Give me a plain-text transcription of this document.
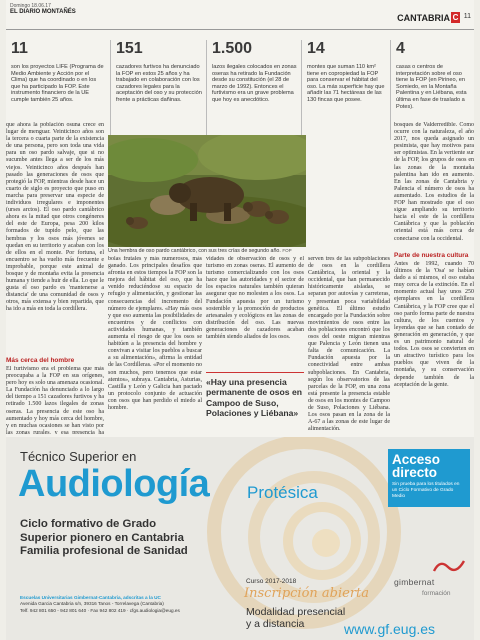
Domingo 18.06.17
EL DIARIO MONTAÑÉS
CANTABRIA C 11
11
son los proyectos LIFE (Programa de Medio Ambiente y Acción por el Clima) que ha coordinado o en los que ha participado la FOP. Este instrumento financiero de la UE cumple también 25 años.
151
cazadores furtivos ha denunciado la FOP en estos 25 años y ha trabajado en colaboración con los cazadores legales para la aceptación del oso y su protección frente a prácticas dañinas.
1.500
lazos ilegales colocados en zonas oseras ha retirado la Fundación desde su constitución (el 28 de marzo de 1992). Entonces el furtivismo era un grave problema que hoy es anecdótico.
14
montes que suman 110 km² tiene en copropiedad la FOP para conservar el hábitat del oso. La más superficie hay que añadir las 71 hectáreas de las 130 fincas que posee.
4
casas o centros de interpretación sobre el oso tiene la FOP (en Pirineo, en Somiedo, en la Montaña Palentina y en Liébana, esta última en fase de traslado a Potes).
que ahora la población osuna crece en lugar de menguar. Veinticinco años son la tercera o cuarta parte de la existencia de una persona, pero son toda una vida para un oso pardo salvaje, que si no sucumbe antes llega a ser de los más viejos. Veinticinco años después han pasado las generaciones de osos que protegió la FOP, mientras desde hace un cuarto de siglo es proyecto que puso en marcha para preservar una especie de individuos irregulares e imponentes (urses arctos). El oso pardo cantábrico ahora es la mitad que otros congéneres del este de Europa, pesa 200 kilos formados de tupido pelo, que las hembras y los osos más jóvenes se quedan en su territorio y acaban con los de ellos en el monte. Por fortuna, el encuentro se ha vuelto más frecuente e improbable, porque este animal de bosque y de montaña evita la presencia humana y tiende a huir de ella. Lo que le gusta el oso pardo es 'mantenerse a distancia' de una comunidad de osos y otros, más extensa y bien repartida, que ha ido a más en toda la cordillera.
Más cerca del hombre
El furtivismo era el problema que más preocupaba a la FOP en sus orígenes, pero hoy es solo una amenaza ocasional. La Fundación ha denunciado a lo largo del tiempo a 151 cazadores furtivos y ha retirado 1.500 lazos ilegales de zonas oseras. La presencia de este oso ha aumentado y hoy más cerca del hombre, y en muchas ocasiones se han visto por las zonas rurales, y esa presencia ha
Una hembra de oso pardo cantábrico, con sus tres crías de segundo año. FOP
bolas frutales y más numerosos, más ganado. Los principales desafíos que afronta en estos tiempos la FOP son la mejora del hábitat del oso, que ha venido reduciéndose su espacio de refugio y alimentación, y gestionar las consecuencias del incremento del número de ejemplares. «Hay más osos y que eso aumenta las posibilidades de encuentros y de conflictos con actividades humanas, y también aumenta el riesgo de que los osos se habitúen a la presencia del hombre y convivan a visitar los pueblos a buscar a su alimentación», afirma la entidad de las Cordilleras. «Por el momento no son muchos, pero tenemos que estar atentos», subraya. Cantabria, Asturias, Castilla y León y Galicia han pactado un protocolo conjunto de actuación con osos que han perdido el miedo al hombre.
vidades de observación de osos y el turismo en zonas oseras. El aumento de turismo comercializando con los osos hace que las autoridades y el sector de los espacios naturales también quieran asegurar que no molesten a los osos. La Fundación apuesta por un turismo sostenible y la promoción de productos artesanales y ecológicos en las zonas de distribución del oso. Las nuevas generaciones de cazadores acaban también siendo aliados de los osos.
«Hay una presencia permanente de osos en Campoo de Suso, Polaciones y Liébana»
serven tres de las subpoblaciones de osos en la cordillera Cantábrica, la oriental y la occidental, que han permanecido históricamente aisladas, se separan por autovías y carreteras, y presentan poca variabilidad genética. El último estudio encargado por la Fundación sobre movimientos de osos entre las dos poblaciones encontró que los osos del oeste migran mientras que Palencia y León tienen una falta de comunicación. La Fundación apuesta por la conectividad entre ambas subpoblaciones. En Cantabria, según los observatorios de las parcelas de la FOP, en una zona está presente la presencia estable de osos en los montes de Campoo de Suso, Polaciones y Liébana. Los osos pasan en la zona de la A-67 a las zonas de este lugar de alimentación.
bosques de Valderredible. Como ocurre con la naturaleza, el año 2017, nos queda asignado un pesimista, que hay motivos para ser optimistas. En la vertiente sur de la FOP, los grupos de osos en las zonas de la montaña palentina han ido en aumento. En las zonas de Cantabria y Palencia el número de osos ha aumentado. Los estudios de la FOP han mostrado que el oso sigue ampliando su territorio hacia el este de la cordillera Cantábrica y que la población oriental está más cerca de conectarse con la occidental.
Parte de nuestra cultura
Antes de 1992, cuando 70 últimos de la 'Osa' se habían dado a sí mismos, el oso estaba muy cerca de la extinción. En el momento actual hay unos 250 ejemplares en la cordillera Cantábrica, y la FOP cree que el oso pardo forma parte de nuestra cultura, de los cuentos y leyendas que se han contado de generación en generación, y que es un patrimonio natural de todos. Los osos se convierten en un atractivo turístico para los pueblos que viven de la montaña, y su conservación depende también de la aceptación de la gente.
Técnico Superior en
Audiología Protésica
Ciclo formativo de Grado
Superior pionero en Cantabria
Familia profesional de Sanidad
Curso 2017-2018
Inscripción abierta
Modalidad presencial
y a distancia
Escuelas Universitarias Gimbernat-Cantabria, adscritas a la UC
Avenida Garcia Cantabria s/n, 39316 Tanos - Torrelavega (Cantabria)
Telf. 942 801 650 - 942 801 640 · Fax 942 802 419 · cfgs.audiologia@eug.es
Acceso
directo
Sin prueba para los titulados en un Ciclo Formativo de Grado Medio
gimbernat
formación
www.gf.eug.es
